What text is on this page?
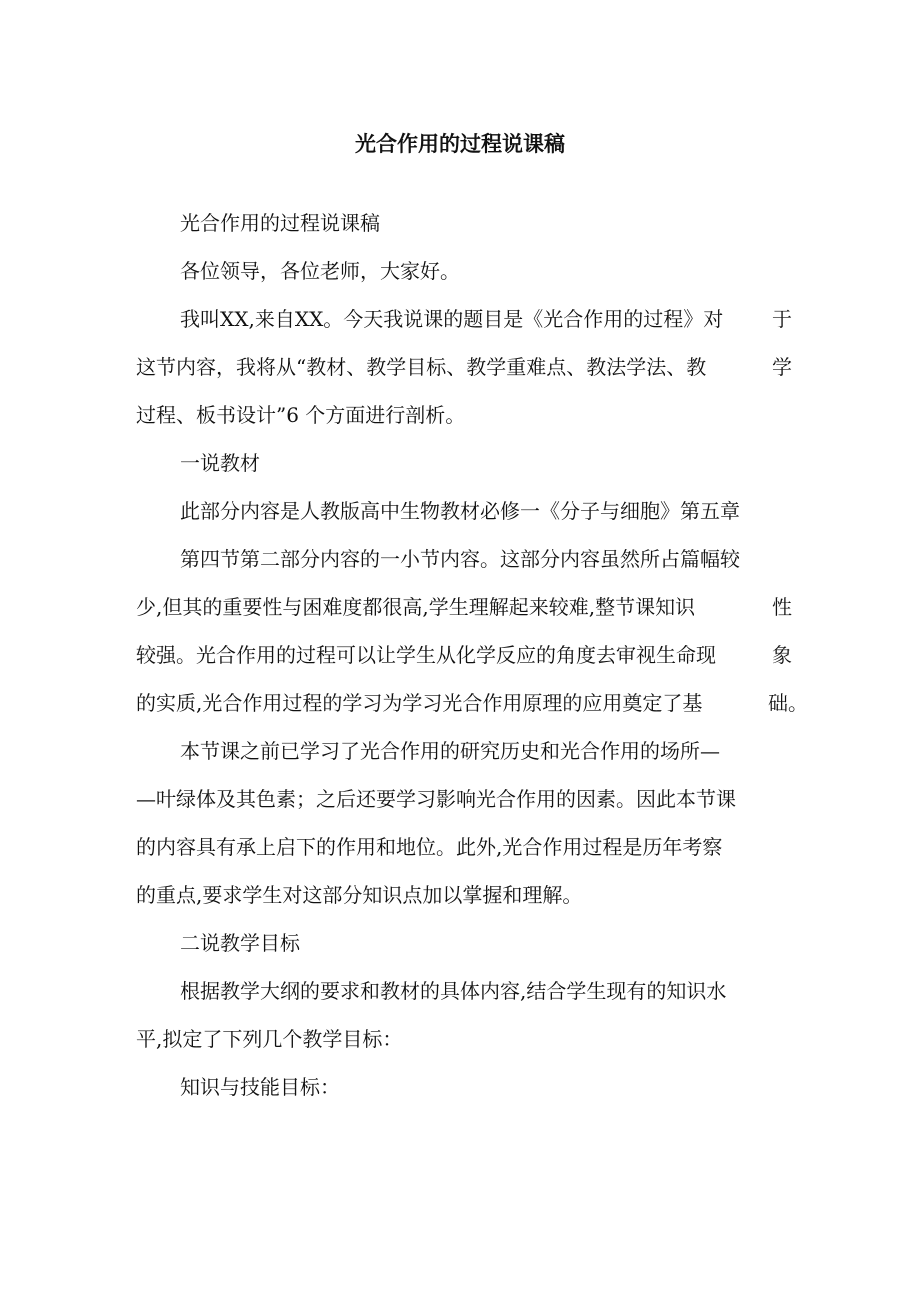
光合作用的过程说课稿
光合作用的过程说课稿
各位领导，各位老师，大家好。
我叫XX,来自XX。今天我说课的题目是《光合作用的过程》对 于
这节内容，我将从“教材、教学目标、教学重难点、教法学法、教	学
过程、板书设计”6 个方面进行剖析。
一说教材
此部分内容是人教版高中生物教材必修一《分子与细胞》第五章
第四节第二部分内容的一小节内容。这部分内容虽然所占篇幅较
少,但其的重要性与困难度都很高,学生理解起来较难,整节课知识	性
较强。光合作用的过程可以让学生从化学反应的角度去审视生命现	象
的实质,光合作用过程的学习为学习光合作用原理的应用奠定了基	础。
本节课之前已学习了光合作用的研究历史和光合作用的场所—
—叶绿体及其色素；之后还要学习影响光合作用的因素。因此本节课
的内容具有承上启下的作用和地位。此外,光合作用过程是历年考察
的重点,要求学生对这部分知识点加以掌握和理解。
二说教学目标
根据教学大纲的要求和教材的具体内容,结合学生现有的知识水
平,拟定了下列几个教学目标：
知识与技能目标：
